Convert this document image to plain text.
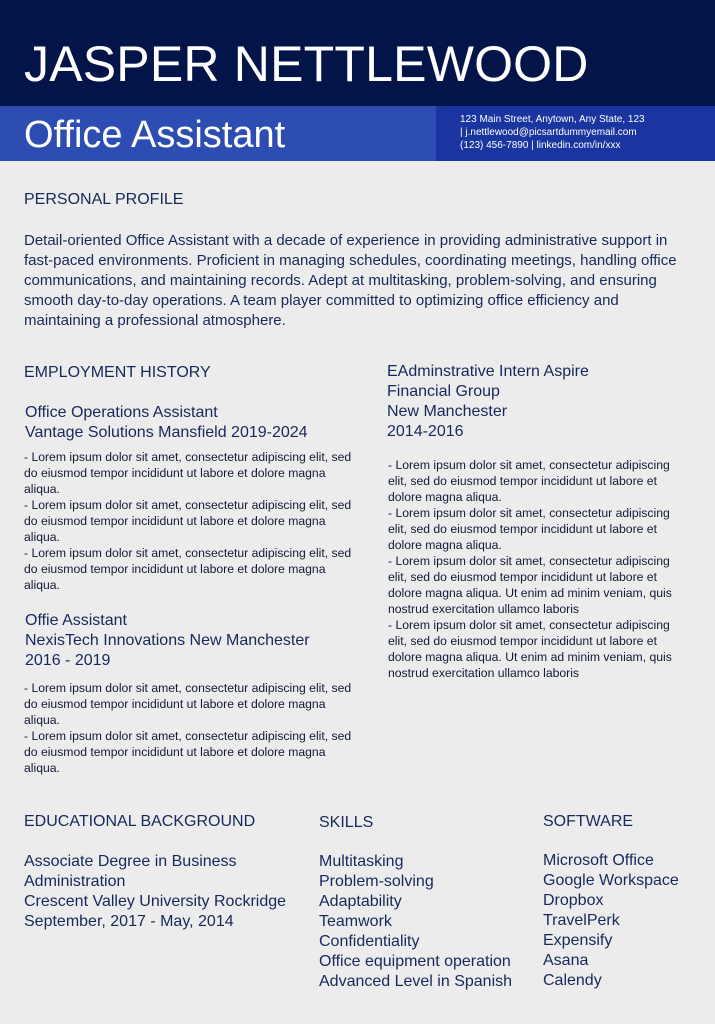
JASPER NETTLEWOOD
Office Assistant	123 Main Street, Anytown, Any State, 123
| j.nettlewood@picsartdummyemail.com
(123) 456-7890 | linkedin.com/in/xxx
PERSONAL PROFILE
Detail-oriented Office Assistant with a decade of experience in providing administrative support in fast-paced environments. Proficient in managing schedules, coordinating meetings, handling office communications, and maintaining records. Adept at multitasking, problem-solving, and ensuring smooth day-to-day operations. A team player committed to optimizing office efficiency and maintaining a professional atmosphere.
EMPLOYMENT HISTORY
Office Operations Assistant
Vantage Solutions Mansfield 2019-2024
- Lorem ipsum dolor sit amet, consectetur adipiscing elit, sed do eiusmod tempor incididunt ut labore et dolore magna aliqua.
- Lorem ipsum dolor sit amet, consectetur adipiscing elit, sed do eiusmod tempor incididunt ut labore et dolore magna aliqua.
- Lorem ipsum dolor sit amet, consectetur adipiscing elit, sed do eiusmod tempor incididunt ut labore et dolore magna aliqua.
Offie Assistant
NexisTech Innovations New Manchester
2016 - 2019
- Lorem ipsum dolor sit amet, consectetur adipiscing elit, sed do eiusmod tempor incididunt ut labore et dolore magna aliqua.
- Lorem ipsum dolor sit amet, consectetur adipiscing elit, sed do eiusmod tempor incididunt ut labore et dolore magna aliqua.
EAdminstrative Intern Aspire
Financial Group
New Manchester
2014-2016
- Lorem ipsum dolor sit amet, consectetur adipiscing elit, sed do eiusmod tempor incididunt ut labore et dolore magna aliqua.
- Lorem ipsum dolor sit amet, consectetur adipiscing elit, sed do eiusmod tempor incididunt ut labore et dolore magna aliqua.
- Lorem ipsum dolor sit amet, consectetur adipiscing elit, sed do eiusmod tempor incididunt ut labore et dolore magna aliqua. Ut enim ad minim veniam, quis nostrud exercitation ullamco laboris
- Lorem ipsum dolor sit amet, consectetur adipiscing elit, sed do eiusmod tempor incididunt ut labore et dolore magna aliqua. Ut enim ad minim veniam, quis nostrud exercitation ullamco laboris
EDUCATIONAL BACKGROUND
Associate Degree in Business
Administration
Crescent Valley University Rockridge
September, 2017 - May, 2014
SKILLS
Multitasking
Problem-solving
Adaptability
Teamwork
Confidentiality
Office equipment operation
Advanced Level in Spanish
SOFTWARE
Microsoft Office
Google Workspace
Dropbox
TravelPerk
Expensify
Asana
Calendy
